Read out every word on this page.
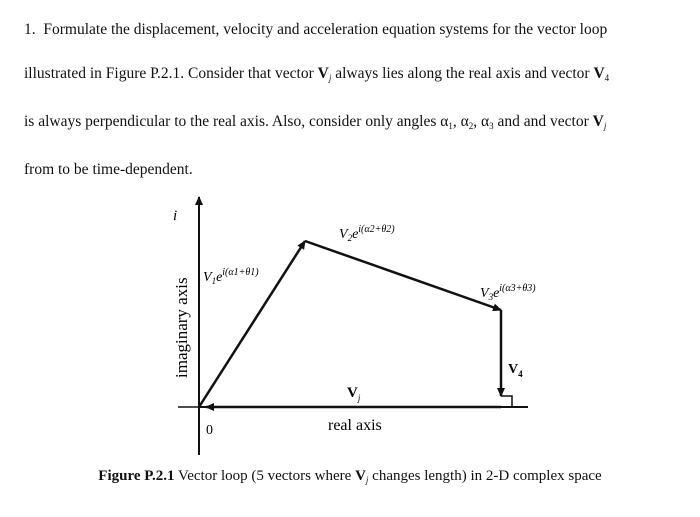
1. Formulate the displacement, velocity and acceleration equation systems for the vector loop
illustrated in Figure P.2.1. Consider that vector $V_j$ always lies along the real axis and vector V4
is always perpendicular to the real axis. Also, consider only angles α1, α2, α3 and and vector $V_j$
from to be time-dependent.
i
imaginary axis
0	real axis
$V_1e^{i(\alpha 1+\theta 1)}$
$V_2e^{i(\alpha 2+\theta 2)}$
$V_3e^{i(\alpha 3+\theta 3)}$
$V_4$
$V_j$
Figure P.2.1 Vector loop (5 vectors where $V_j$ changes length) in 2-D complex space
